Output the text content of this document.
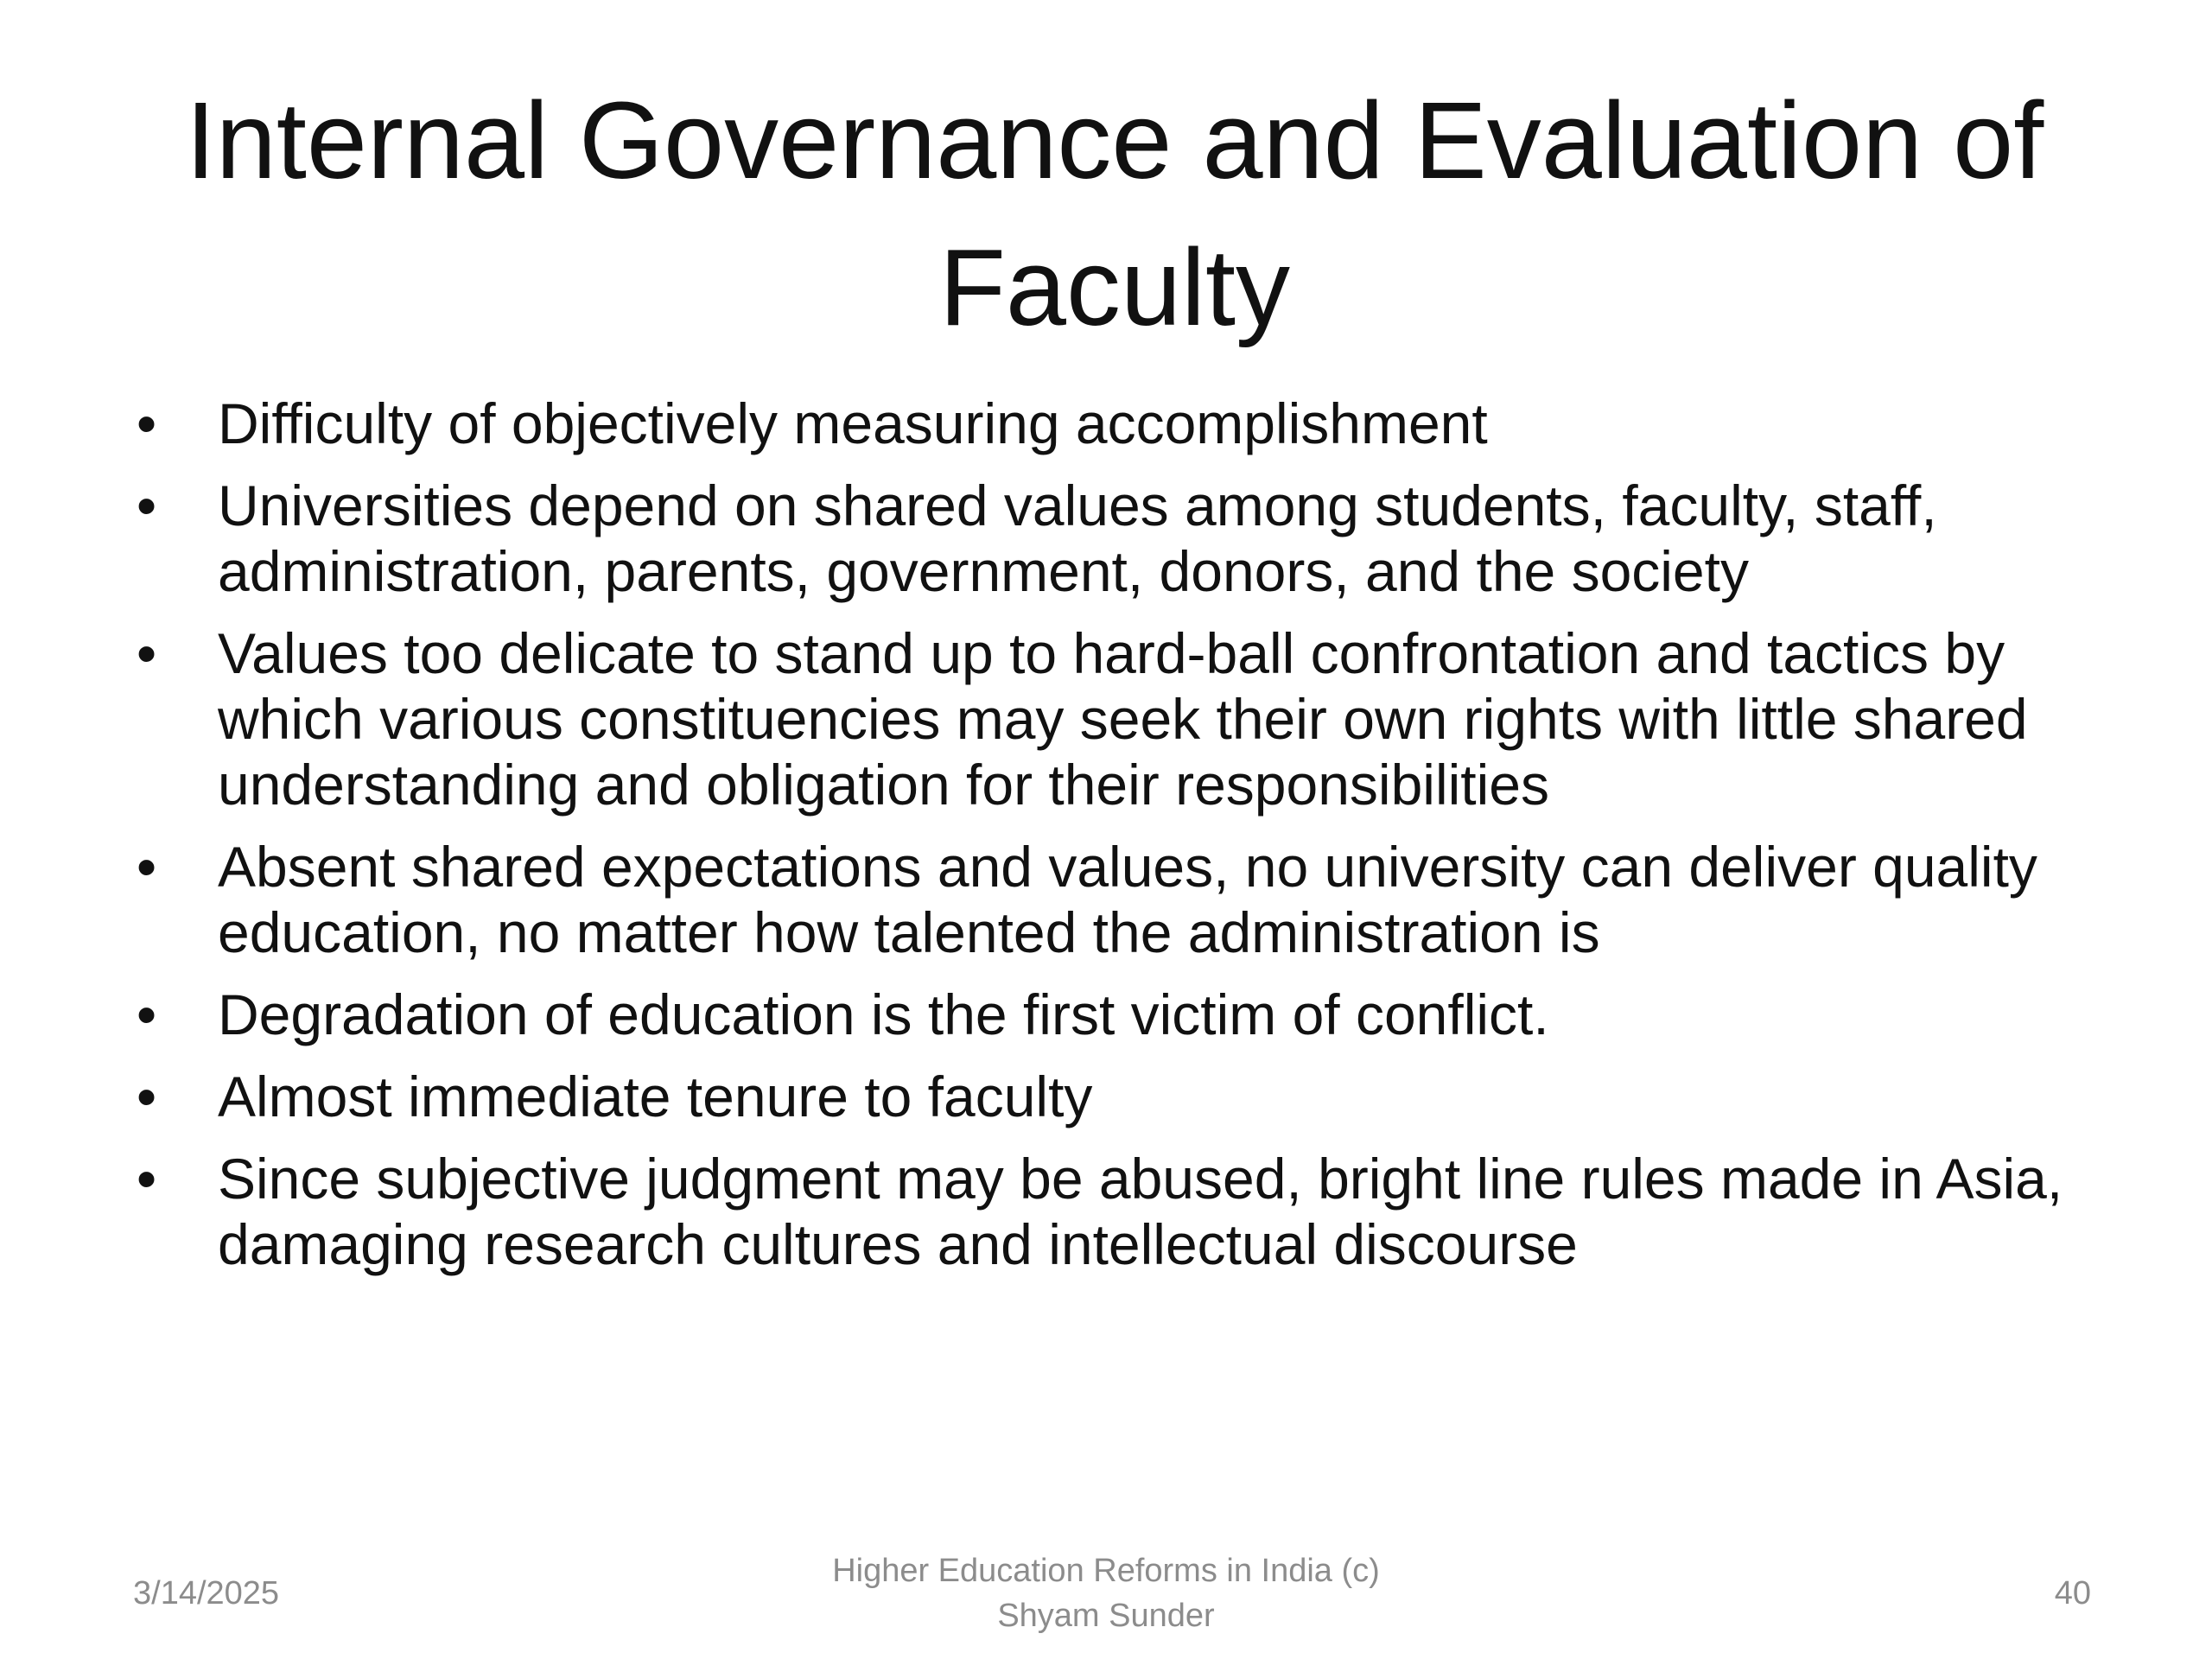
Internal Governance and Evaluation of
Faculty
• Difficulty of objectively measuring accomplishment
• Universities depend on shared values among students, faculty, staff, administration, parents, government, donors, and the society
• Values too delicate to stand up to hard-ball confrontation and tactics by which various constituencies may seek their own rights with little shared understanding and obligation for their responsibilities
• Absent shared expectations and values, no university can deliver quality education, no matter how talented the administration is
• Degradation of education is the first victim of conflict.
• Almost immediate tenure to faculty
• Since subjective judgment may be abused, bright line rules made in Asia, damaging research cultures and intellectual discourse
3/14/2025
Higher Education Reforms in India (c)
Shyam Sunder
40
